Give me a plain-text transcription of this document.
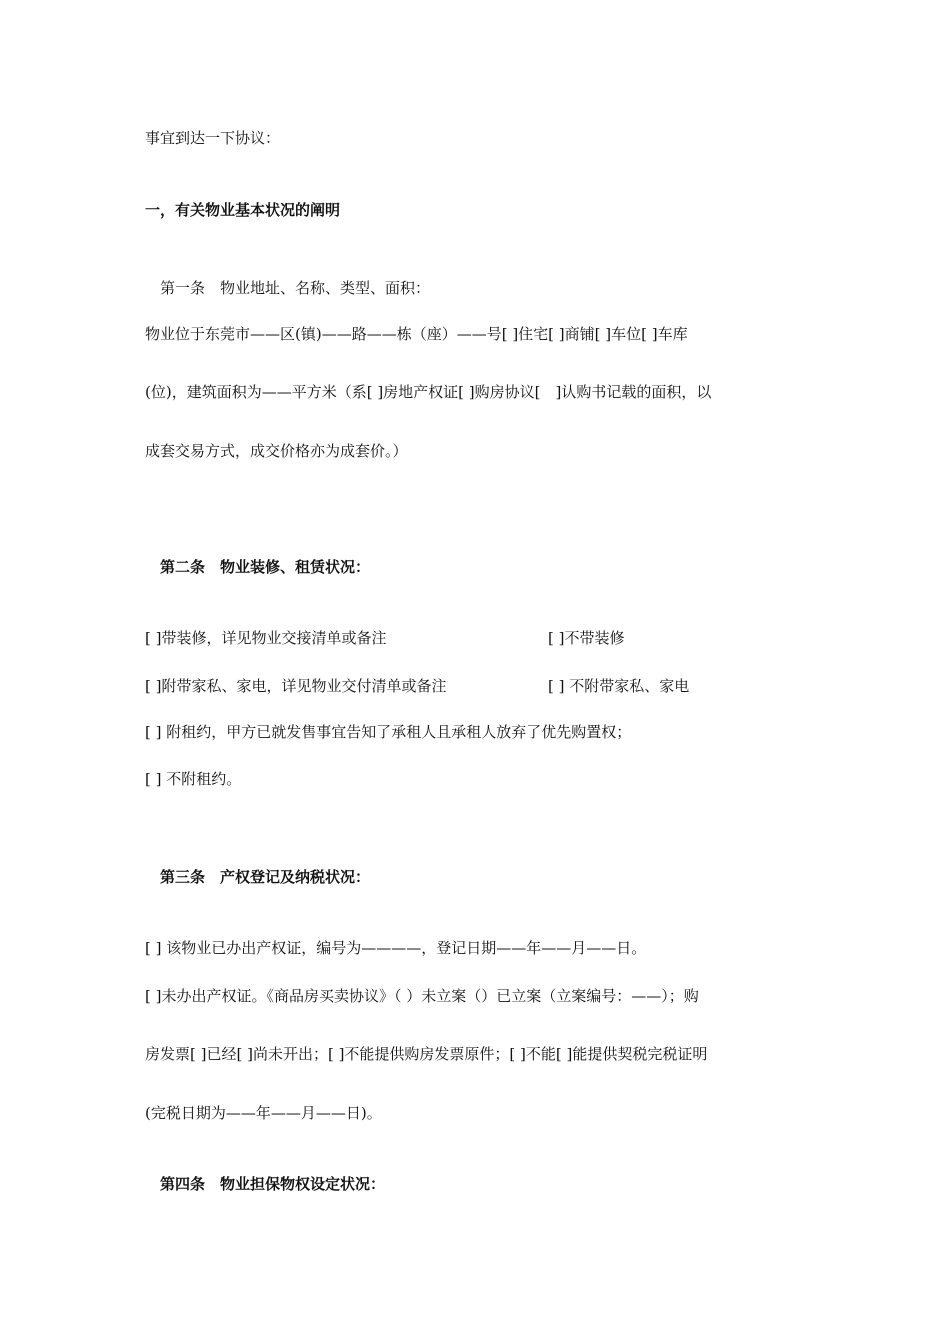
事宜到达一下协议：
一，有关物业基本状况的阐明
第一条　物业地址、名称、类型、面积：
物业位于东莞市——区(镇)——路——栋（座）——号[ ]住宅[ ]商铺[ ]车位[ ]车库
(位)，建筑面积为——平方米（系[ ]房地产权证[ ]购房协议[　]认购书记载的面积，以
成套交易方式，成交价格亦为成套价。）
第二条　物业装修、租赁状况：
[ ]带装修，详见物业交接清单或备注	[ ]不带装修
[ ]附带家私、家电，详见物业交付清单或备注	[ ] 不附带家私、家电
[ ] 附租约，甲方已就发售事宜告知了承租人且承租人放弃了优先购置权；
[ ] 不附租约。
第三条　产权登记及纳税状况：
[ ] 该物业已办出产权证，编号为————，登记日期——年——月——日。
[ ]未办出产权证。《商品房买卖协议》（ ）未立案（）已立案（立案编号：——）；购
房发票[ ]已经[ ]尚未开出；[ ]不能提供购房发票原件；[ ]不能[ ]能提供契税完税证明
(完税日期为——年——月——日)。
第四条　物业担保物权设定状况：
